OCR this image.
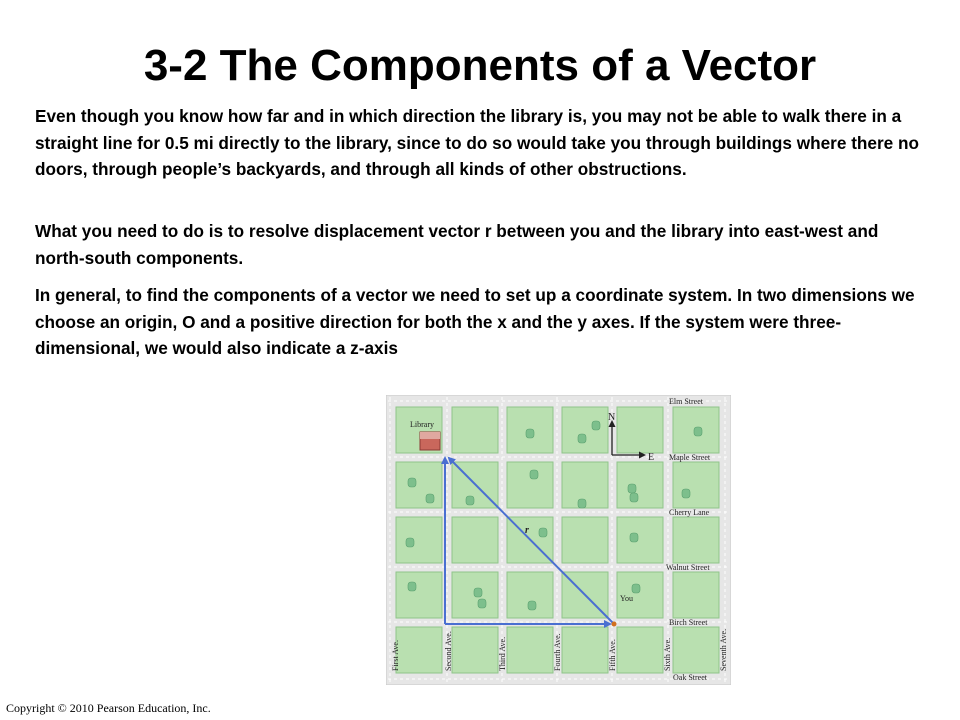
3-2 The Components of a Vector

Even though you know how far and in which direction the library is, you may not be able to walk there in a straight line for 0.5 mi directly to the library, since to do so would take you through buildings where there no doors, through people’s backyards, and through all kinds of other obstructions.

What you need to do is to resolve displacement vector r between you and the library into east-west and north-south components.

In general, to find the components of a vector we need to set up a coordinate system. In two dimensions we choose an origin, O and a positive direction for both the x and the y axes. If the system were three-dimensional, we would also indicate a z-axis

Library
You
r
N
E
Elm Street
Maple Street
Cherry Lane
Walnut Street
Birch Street
Oak Street
First Ave.	Second Ave.	Third Ave.	Fourth Ave.	Fifth Ave.	Sixth Ave.	Seventh Ave.
Copyright © 2010 Pearson Education, Inc.
